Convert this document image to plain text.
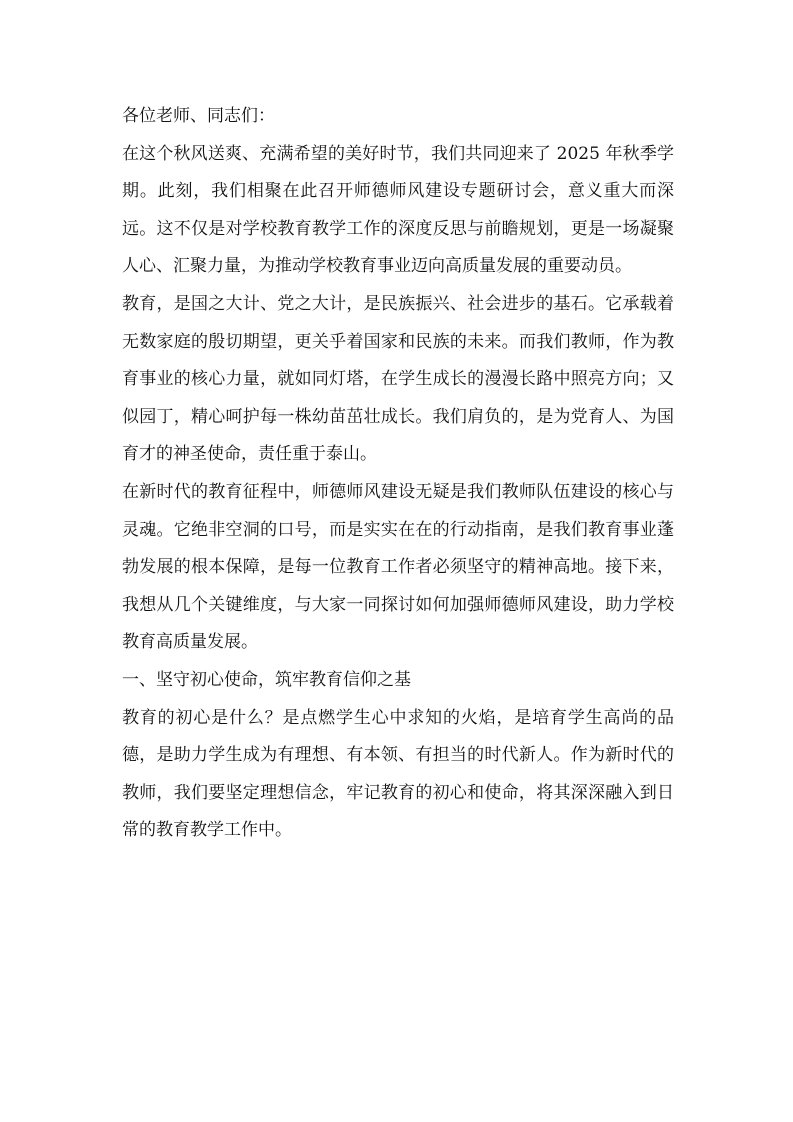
各位老师、同志们：

在这个秋风送爽、充满希望的美好时节，我们共同迎来了 2025 年秋季学期。此刻，我们相聚在此召开师德师风建设专题研讨会，意义重大而深远。这不仅是对学校教育教学工作的深度反思与前瞻规划，更是一场凝聚人心、汇聚力量，为推动学校教育事业迈向高质量发展的重要动员。

教育，是国之大计、党之大计，是民族振兴、社会进步的基石。它承载着无数家庭的殷切期望，更关乎着国家和民族的未来。而我们教师，作为教育事业的核心力量，就如同灯塔，在学生成长的漫漫长路中照亮方向；又似园丁，精心呵护每一株幼苗茁壮成长。我们肩负的，是为党育人、为国育才的神圣使命，责任重于泰山。

在新时代的教育征程中，师德师风建设无疑是我们教师队伍建设的核心与灵魂。它绝非空洞的口号，而是实实在在的行动指南，是我们教育事业蓬勃发展的根本保障，是每一位教育工作者必须坚守的精神高地。接下来，我想从几个关键维度，与大家一同探讨如何加强师德师风建设，助力学校教育高质量发展。

一、坚守初心使命，筑牢教育信仰之基

教育的初心是什么？是点燃学生心中求知的火焰，是培育学生高尚的品德，是助力学生成为有理想、有本领、有担当的时代新人。作为新时代的教师，我们要坚定理想信念，牢记教育的初心和使命，将其深深融入到日常的教育教学工作中。
